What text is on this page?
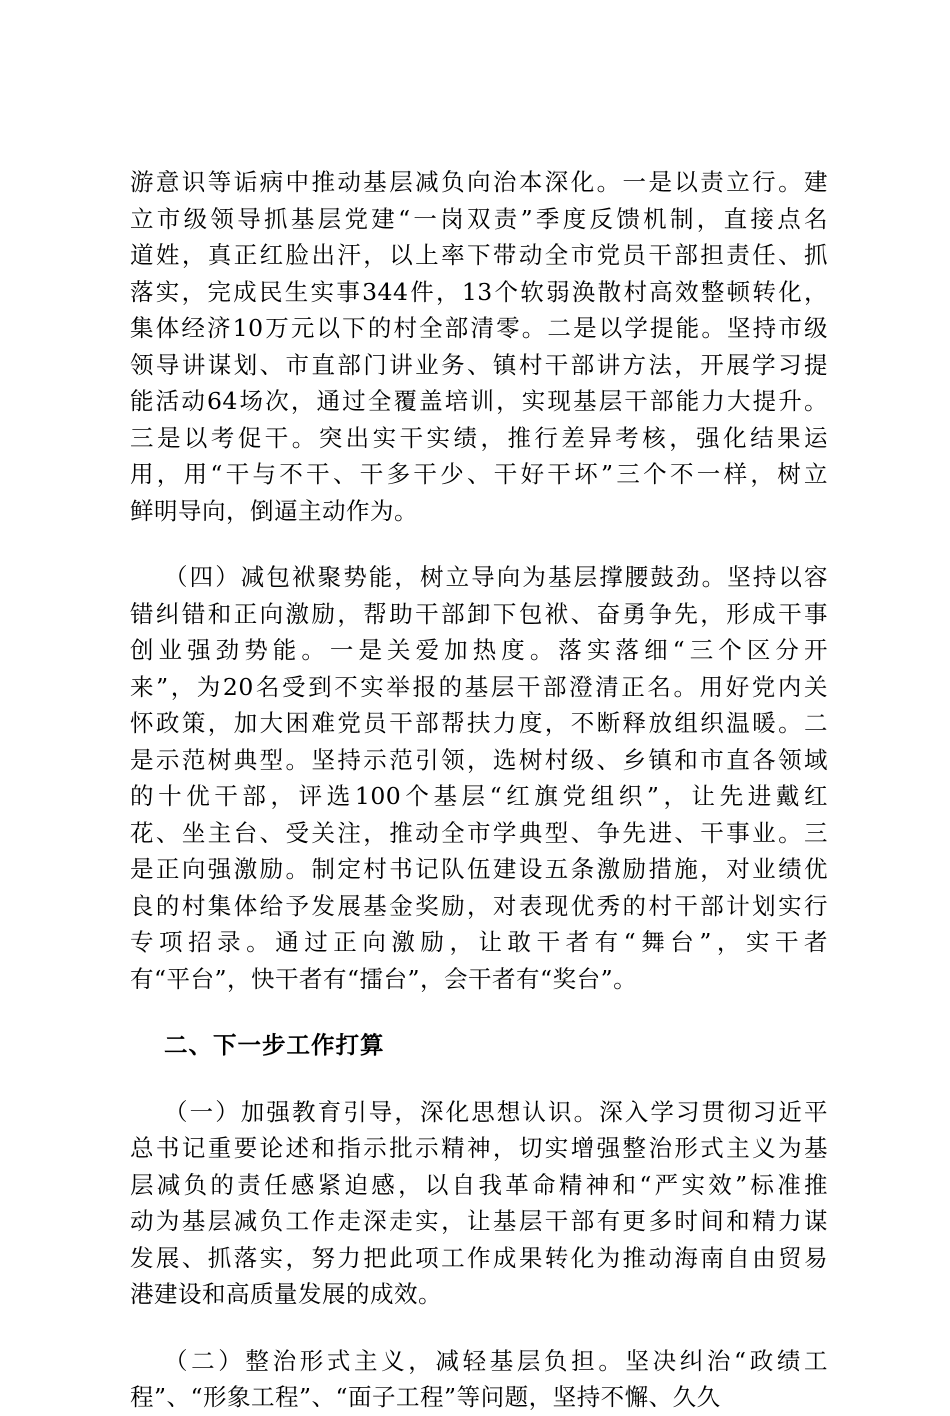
游意识等诟病中推动基层减负向治本深化。一是以责立行。建
立市级领导抓基层党建“一岗双责”季度反馈机制，直接点名
道姓，真正红脸出汗，以上率下带动全市党员干部担责任、抓
落实，完成民生实事344件，13个软弱涣散村高效整顿转化，
集体经济10万元以下的村全部清零。二是以学提能。坚持市级
领导讲谋划、市直部门讲业务、镇村干部讲方法，开展学习提
能活动64场次，通过全覆盖培训，实现基层干部能力大提升。
三是以考促干。突出实干实绩，推行差异考核，强化结果运
用，用“干与不干、干多干少、干好干坏”三个不一样，树立
鲜明导向，倒逼主动作为。

（四）减包袱聚势能，树立导向为基层撑腰鼓劲。坚持以容
错纠错和正向激励，帮助干部卸下包袱、奋勇争先，形成干事
创业强劲势能。一是关爱加热度。落实落细“三个区分开
来”，为20名受到不实举报的基层干部澄清正名。用好党内关
怀政策，加大困难党员干部帮扶力度，不断释放组织温暖。二
是示范树典型。坚持示范引领，选树村级、乡镇和市直各领域
的十优干部，评选100个基层“红旗党组织”，让先进戴红
花、坐主台、受关注，推动全市学典型、争先进、干事业。三
是正向强激励。制定村书记队伍建设五条激励措施，对业绩优
良的村集体给予发展基金奖励，对表现优秀的村干部计划实行
专项招录。通过正向激励，让敢干者有“舞台”，实干者
有“平台”，快干者有“擂台”，会干者有“奖台”。

二、下一步工作打算

（一）加强教育引导，深化思想认识。深入学习贯彻习近平
总书记重要论述和指示批示精神，切实增强整治形式主义为基
层减负的责任感紧迫感，以自我革命精神和“严实效”标准推
动为基层减负工作走深走实，让基层干部有更多时间和精力谋
发展、抓落实，努力把此项工作成果转化为推动海南自由贸易
港建设和高质量发展的成效。

（二）整治形式主义，减轻基层负担。坚决纠治“政绩工
程”、“形象工程”、“面子工程”等问题，坚持不懈、久久
